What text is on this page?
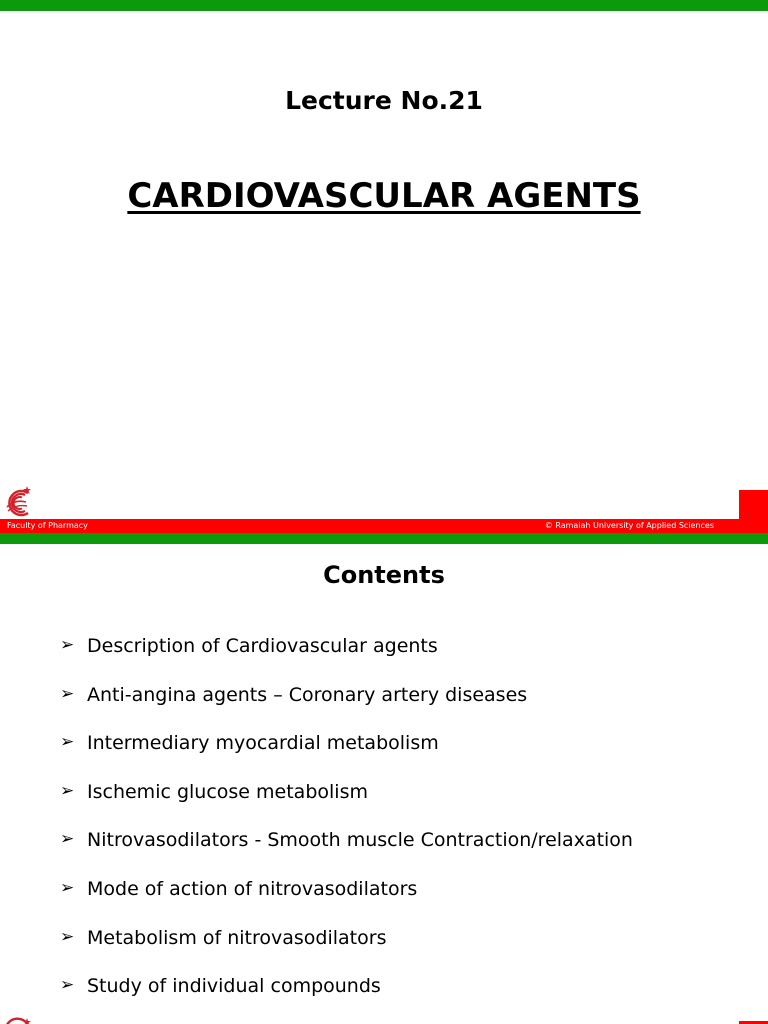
Lecture No.21
CARDIOVASCULAR AGENTS
Faculty of Pharmacy	© Ramaiah University of Applied Sciences
Contents
➢ Description of Cardiovascular agents
➢ Anti-angina agents – Coronary artery diseases
➢ Intermediary myocardial metabolism
➢ Ischemic glucose metabolism
➢ Nitrovasodilators - Smooth muscle Contraction/relaxation
➢ Mode of action of nitrovasodilators
➢ Metabolism of nitrovasodilators
➢ Study of individual compounds
